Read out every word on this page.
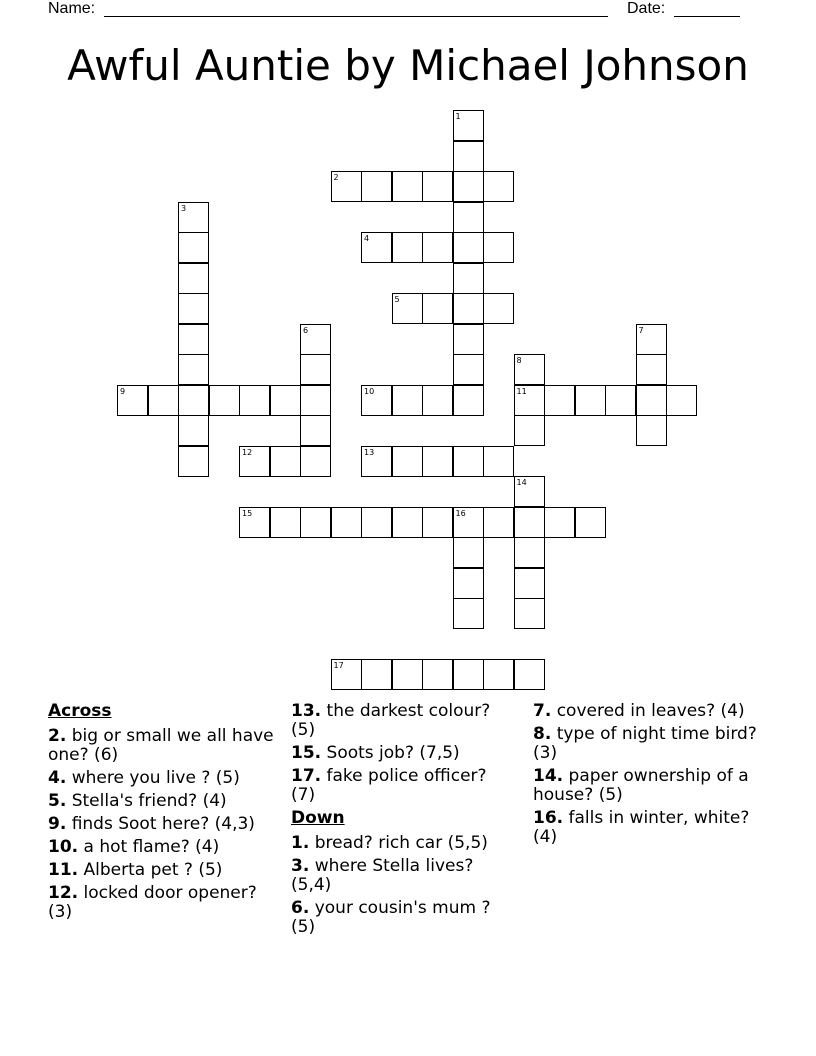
Name:	Date:
Awful Auntie by Michael Johnson
1
2
3
4
5
6	7
8
11
9	10
12	13
14
15	16
17
Across
2. big or small we all have one? (6)
4. where you live ? (5)
5. Stella's friend? (4)
9. finds Soot here? (4,3)
10. a hot flame? (4)
11. Alberta pet ? (5)
12. locked door opener? (3)
13. the darkest colour? (5)
15. Soots job? (7,5)
17. fake police officer? (7)
Down
1. bread? rich car (5,5)
3. where Stella lives? (5,4)
6. your cousin's mum ? (5)
7. covered in leaves? (4)
8. type of night time bird? (3)
14. paper ownership of a house? (5)
16. falls in winter, white? (4)
